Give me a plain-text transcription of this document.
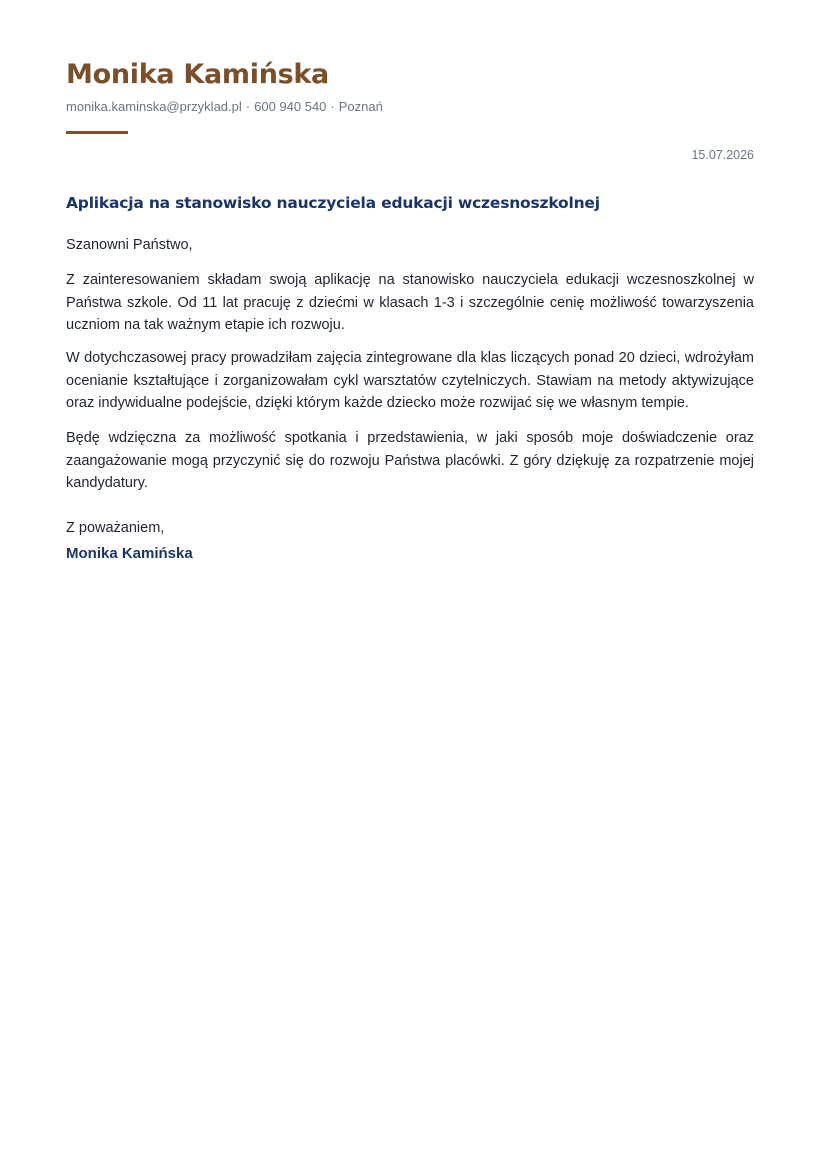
Monika Kamińska
monika.kaminska@przyklad.pl · 600 940 540 · Poznań
15.07.2026
Aplikacja na stanowisko nauczyciela edukacji wczesnoszkolnej
Szanowni Państwo,

Z zainteresowaniem składam swoją aplikację na stanowisko nauczyciela edukacji wczesnoszkolnej w Państwa szkole. Od 11 lat pracuję z dziećmi w klasach 1-3 i szczególnie cenię możliwość towarzyszenia uczniom na tak ważnym etapie ich rozwoju.

W dotychczasowej pracy prowadziłam zajęcia zintegrowane dla klas liczących ponad 20 dzieci, wdrożyłam ocenianie kształtujące i zorganizowałam cykl warsztatów czytelniczych. Stawiam na metody aktywizujące oraz indywidualne podejście, dzięki którym każde dziecko może rozwijać się we własnym tempie.

Będę wdzięczna za możliwość spotkania i przedstawienia, w jaki sposób moje doświadczenie oraz zaangażowanie mogą przyczynić się do rozwoju Państwa placówki. Z góry dziękuję za rozpatrzenie mojej kandydatury.

Z poważaniem,
Monika Kamińska
